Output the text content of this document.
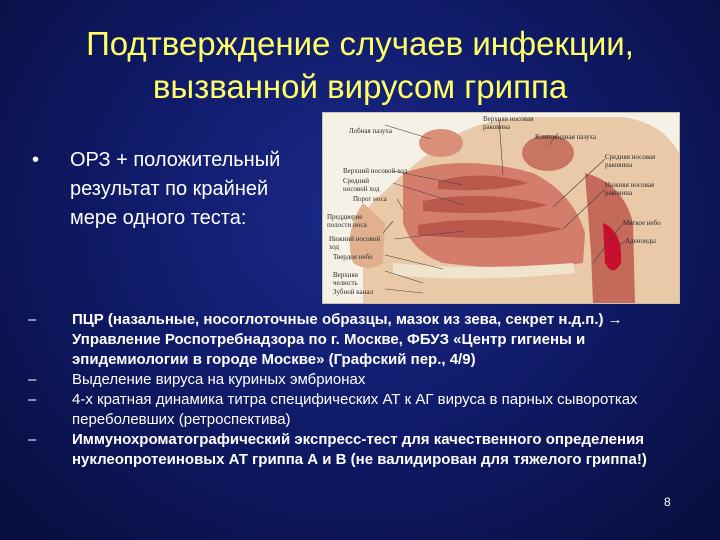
Подтверждение случаев инфекции,
вызванной вирусом гриппа
• ОРЗ + положительный результат по крайней мере одного теста:
Лобная пазуха
Верхняя носовая раковина
Клиновидная пазуха
Верхний носовой ход
Средний носовой ход
Порог носа
Преддверие полости носа
Нижний носовой ход
Твердое небо
Верхняя челюсть
Зубной канал
Средняя носовая раковина
Нижняя носовая раковина
Мягкое небо
Аденоиды

– ПЦР (назальные, носоглоточные образцы, мазок из зева, секрет н.д.п.) → Управление Роспотребнадзора по г. Москве, ФБУЗ «Центр гигиены и эпидемиологии в городе Москве» (Графский пер., 4/9)

– Выделение вируса на куриных эмбрионах

– 4-х кратная динамика титра специфических АТ к АГ вируса в парных сыворотках переболевших (ретроспектива)

– Иммунохроматографический экспресс-тест для качественного определения нуклеопротеиновых АТ гриппа А и В (не валидирован для тяжелого гриппа!)

8
